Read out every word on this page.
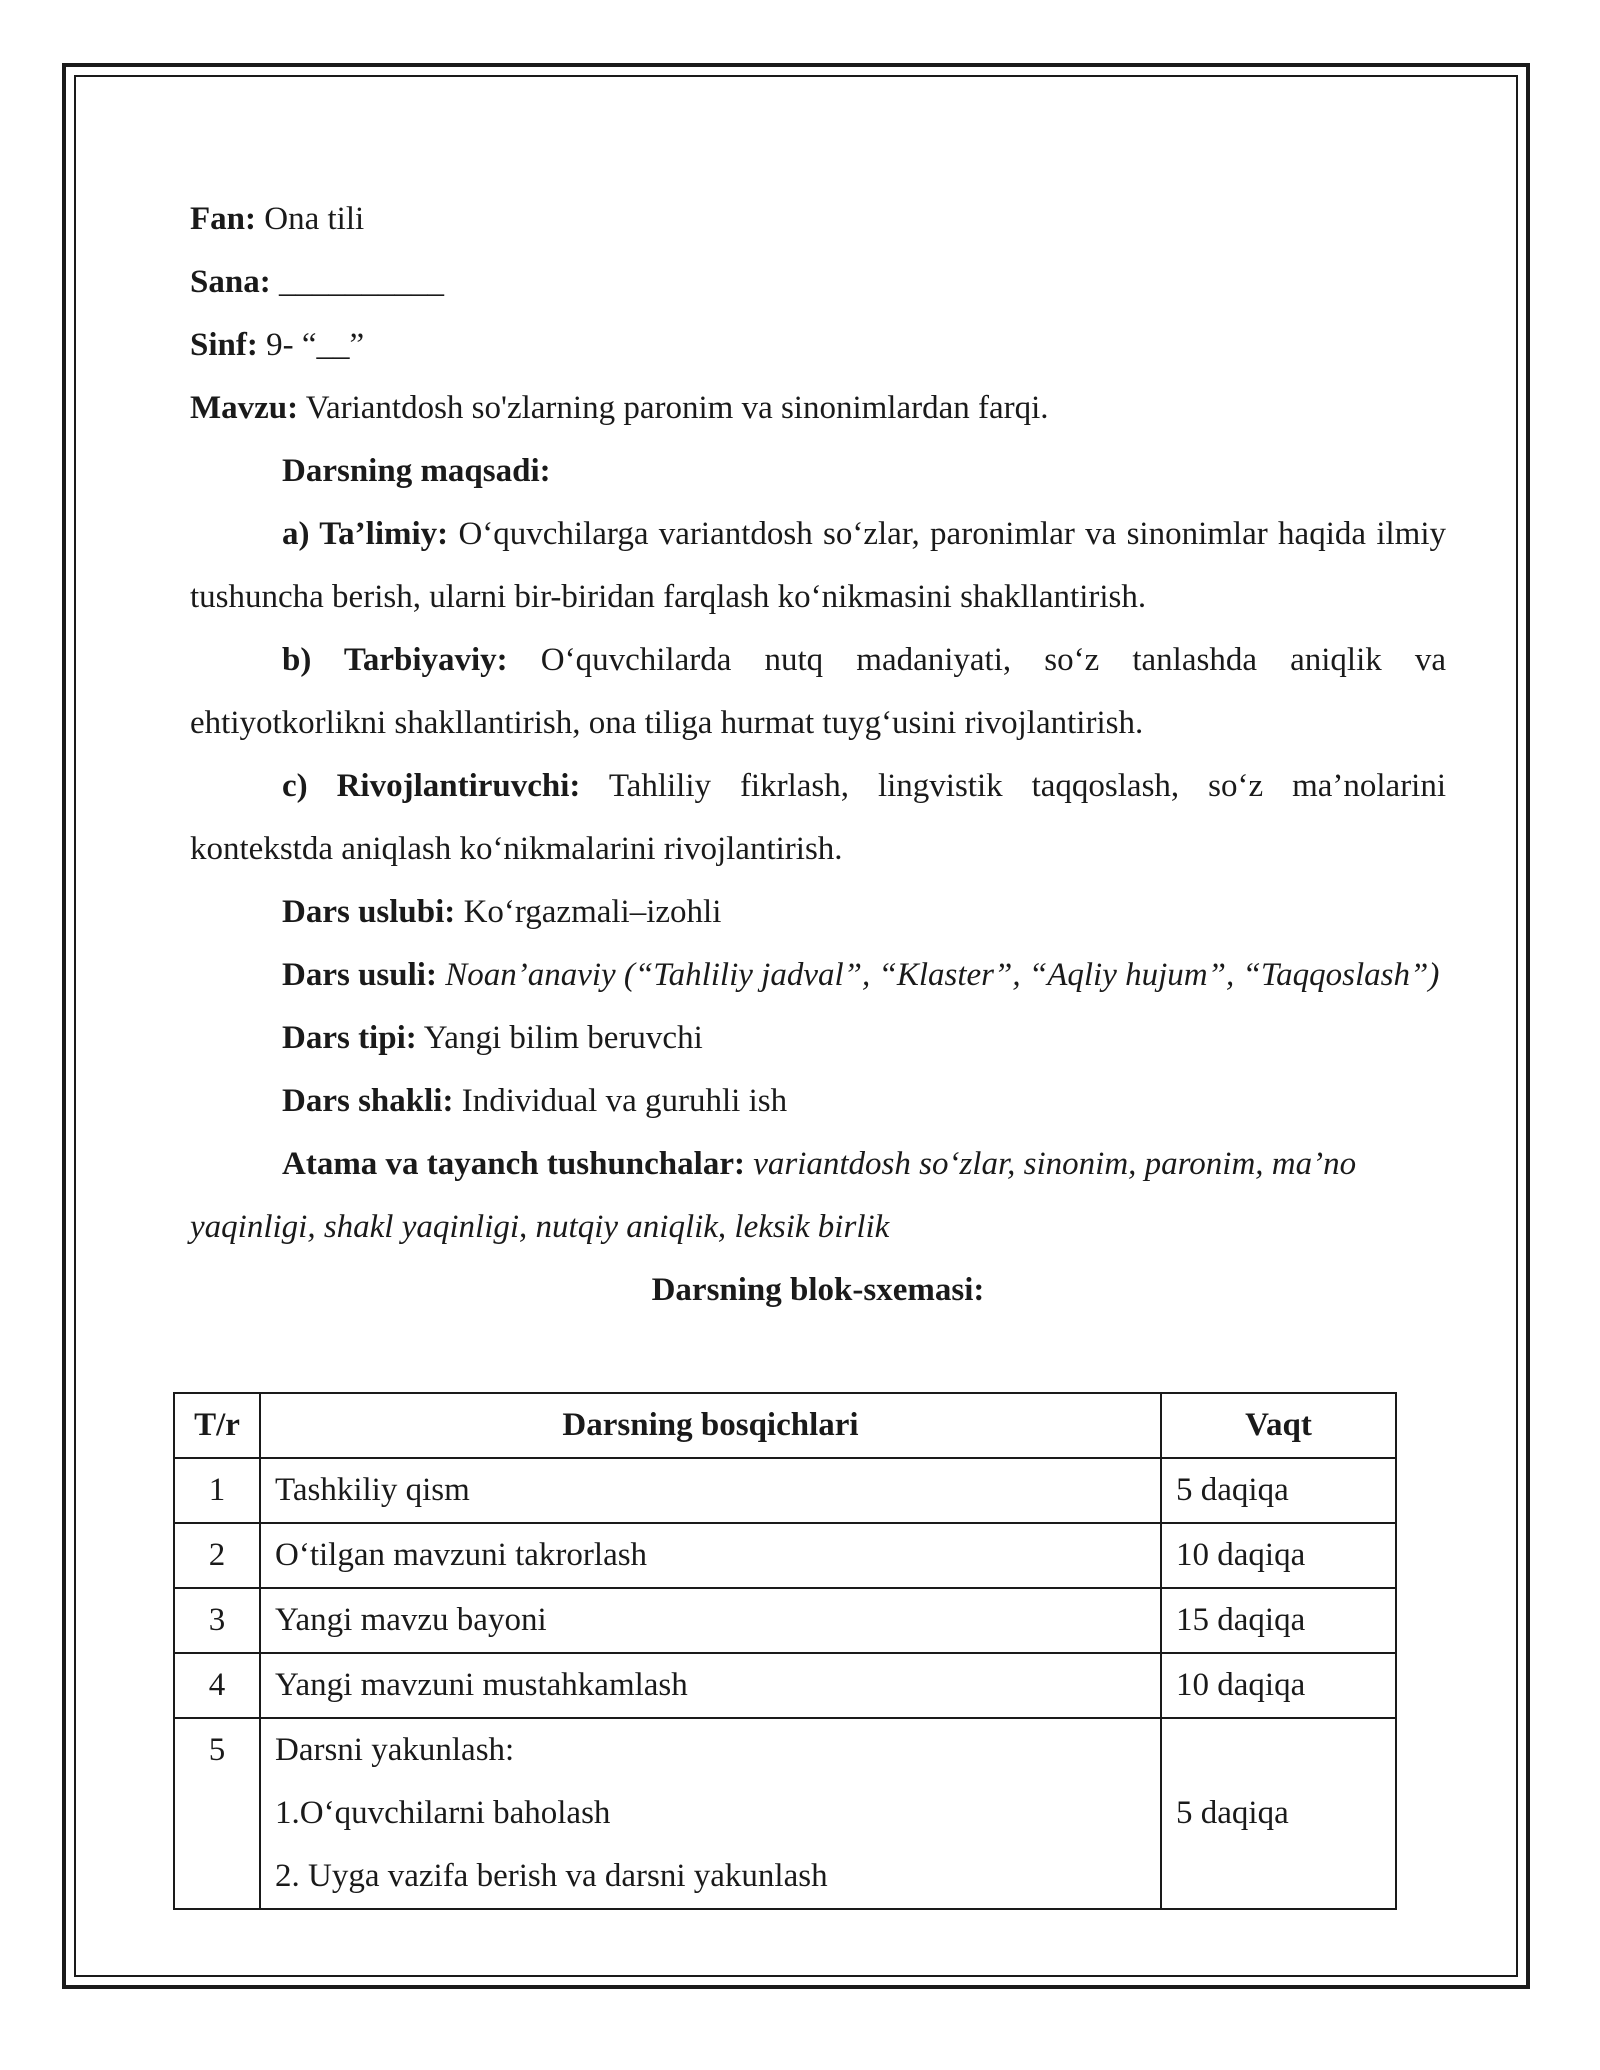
Fan: Ona tili

Sana: __________

Sinf: 9- “__”

Mavzu: Variantdosh so'zlarning paronim va sinonimlardan farqi.

Darsning maqsadi:

a) Ta’limiy: O‘quvchilarga variantdosh so‘zlar, paronimlar va sinonimlar haqida ilmiy tushuncha berish, ularni bir-biridan farqlash ko‘nikmasini shakllantirish.

b) Tarbiyaviy: O‘quvchilarda nutq madaniyati, so‘z tanlashda aniqlik va ehtiyotkorlikni shakllantirish, ona tiliga hurmat tuyg‘usini rivojlantirish.

c) Rivojlantiruvchi: Tahliliy fikrlash, lingvistik taqqoslash, so‘z ma’nolarini kontekstda aniqlash ko‘nikmalarini rivojlantirish.

Dars uslubi: Ko‘rgazmali–izohli

Dars usuli: Noan’anaviy (“Tahliliy jadval”, “Klaster”, “Aqliy hujum”, “Taqqoslash”)

Dars tipi: Yangi bilim beruvchi

Dars shakli: Individual va guruhli ish

Atama va tayanch tushunchalar: variantdosh so‘zlar, sinonim, paronim, ma’no yaqinligi, shakl yaqinligi, nutqiy aniqlik, leksik birlik

Darsning blok-sxemasi:

T/r	Darsning bosqichlari	Vaqt
1	Tashkiliy qism	5 daqiqa
2	O‘tilgan mavzuni takrorlash	10 daqiqa
3	Yangi mavzu bayoni	15 daqiqa
4	Yangi mavzuni mustahkamlash	10 daqiqa
5	Darsni yakunlash:
1.O‘quvchilarni baholash
2. Uyga vazifa berish va darsni yakunlash	5 daqiqa
